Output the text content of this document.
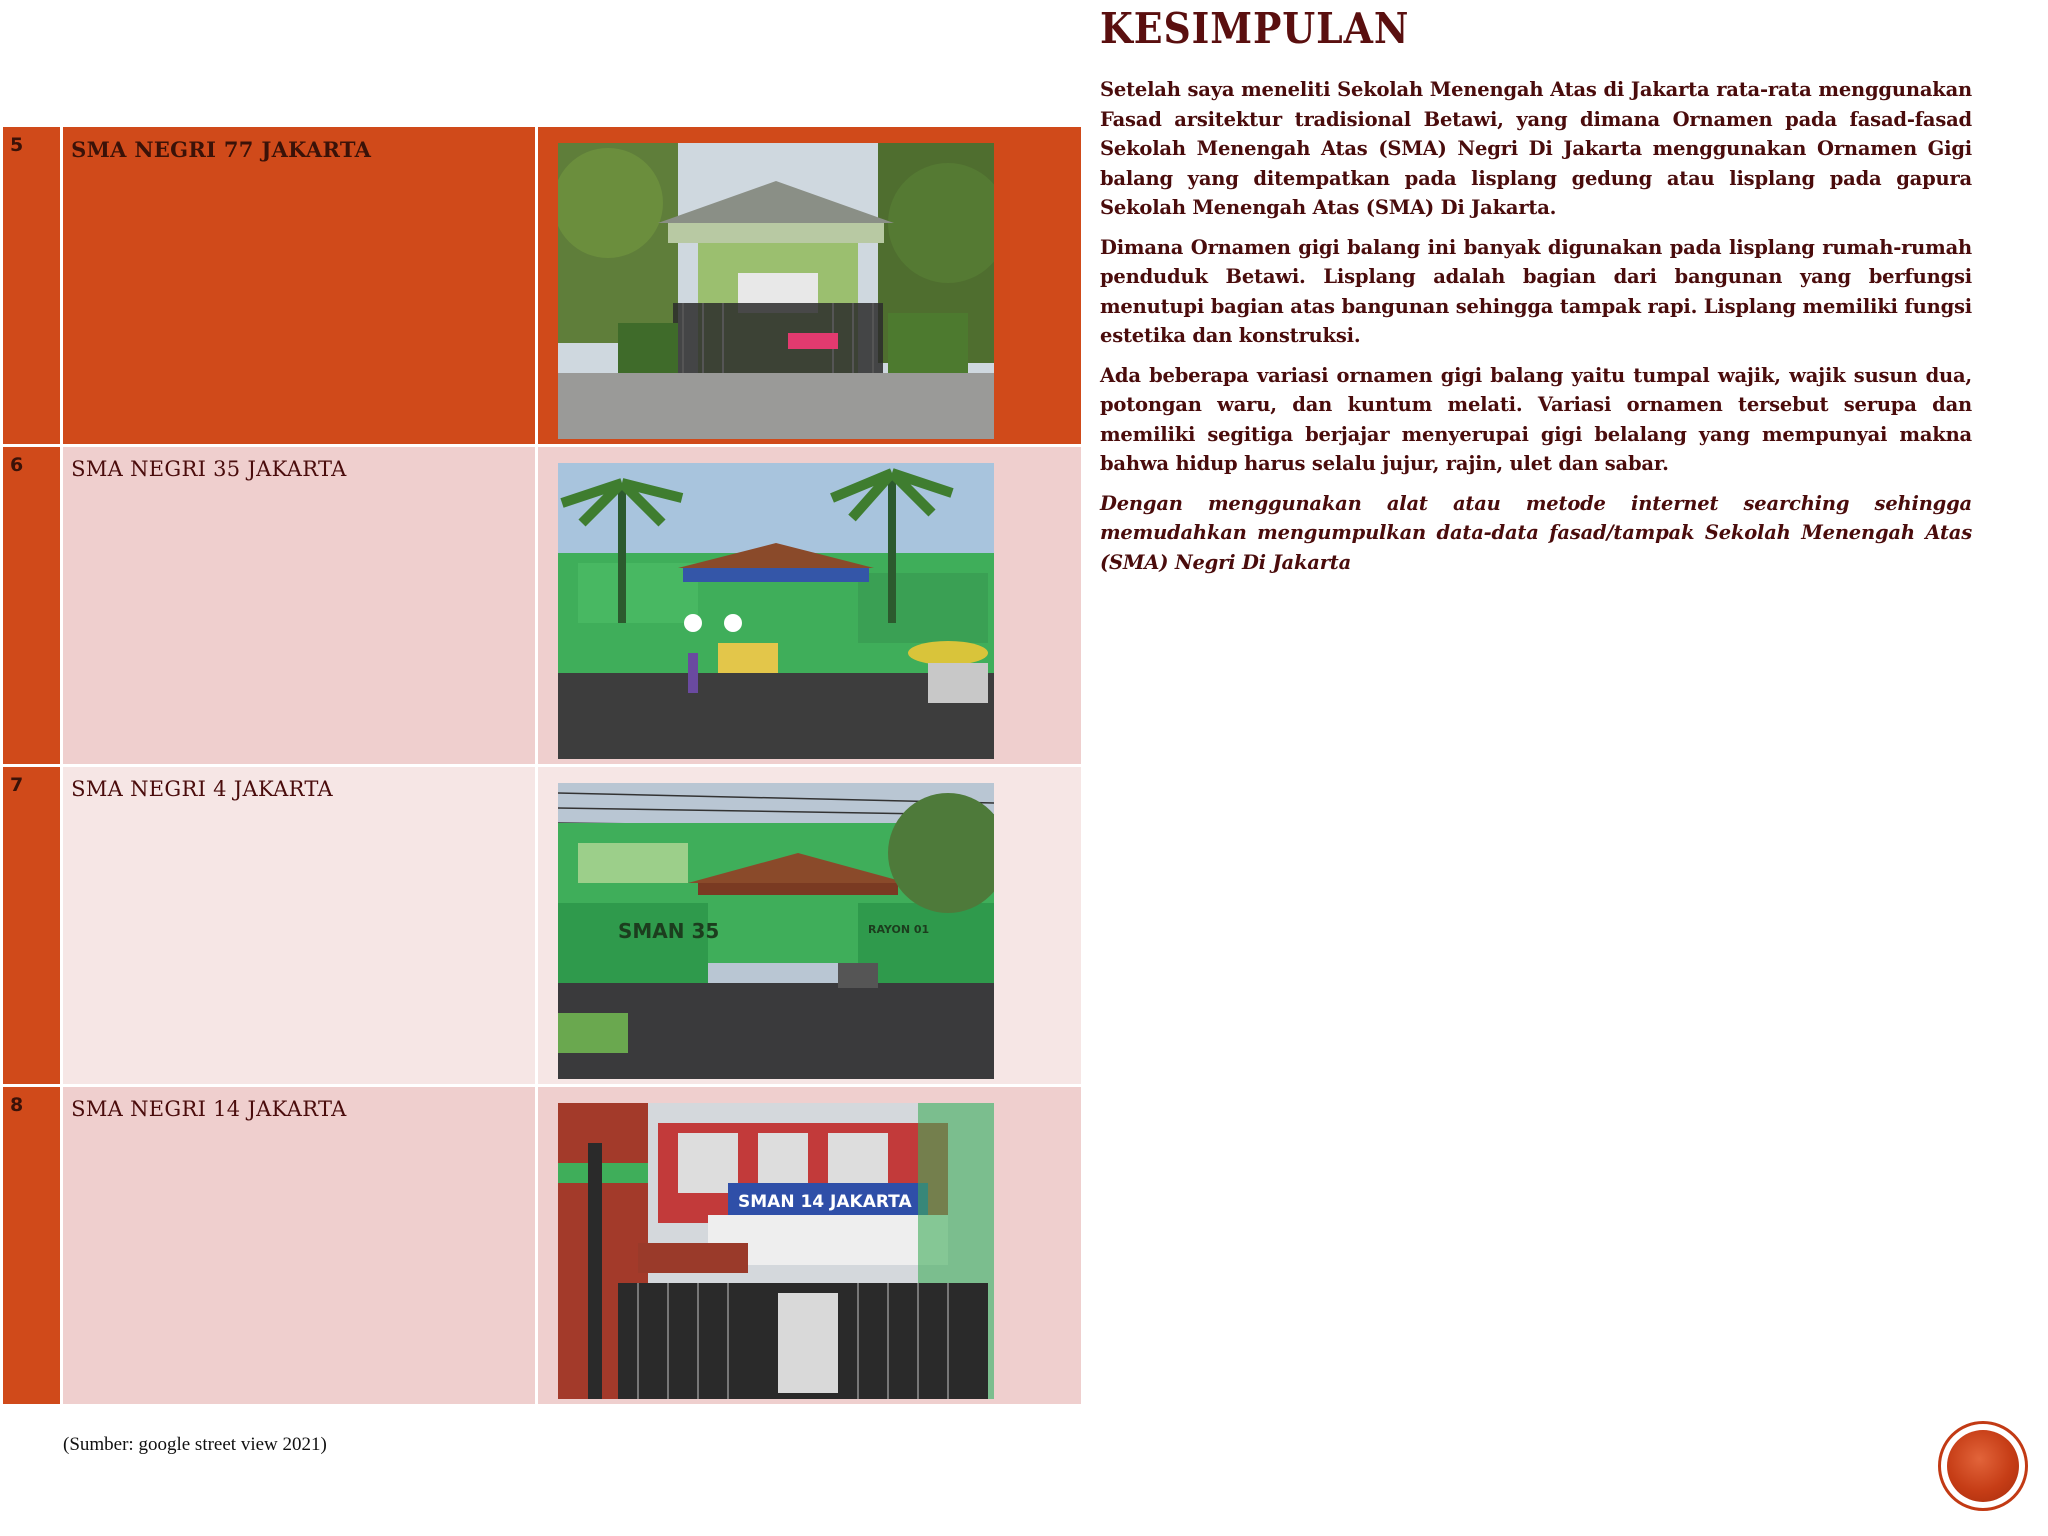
5	SMA NEGRI 77 JAKARTA	

6	SMA NEGRI 35 JAKARTA	

7	SMA NEGRI 4 JAKARTA	SMAN 35 RAYON 01

8	SMA NEGRI 14 JAKARTA	SMAN 14 JAKARTA
(Sumber: google street view 2021)
KESIMPULAN

Setelah saya meneliti Sekolah Menengah Atas di Jakarta rata-rata menggunakan Fasad arsitektur tradisional Betawi, yang dimana Ornamen pada fasad-fasad Sekolah Menengah Atas (SMA) Negri Di Jakarta menggunakan Ornamen Gigi balang yang ditempatkan pada lisplang gedung atau lisplang pada gapura Sekolah Menengah Atas (SMA) Di Jakarta.

Dimana Ornamen gigi balang ini banyak digunakan pada lisplang rumah-rumah penduduk Betawi. Lisplang adalah bagian dari bangunan yang berfungsi menutupi bagian atas bangunan sehingga tampak rapi. Lisplang memiliki fungsi estetika dan konstruksi.

Ada beberapa variasi ornamen gigi balang yaitu tumpal wajik, wajik susun dua, potongan waru, dan kuntum melati. Variasi ornamen tersebut serupa dan memiliki segitiga berjajar menyerupai gigi belalang yang mempunyai makna bahwa hidup harus selalu jujur, rajin, ulet dan sabar.

Dengan menggunakan alat atau metode internet searching sehingga memudahkan mengumpulkan data-data fasad/tampak Sekolah Menengah Atas (SMA) Negri Di Jakarta
